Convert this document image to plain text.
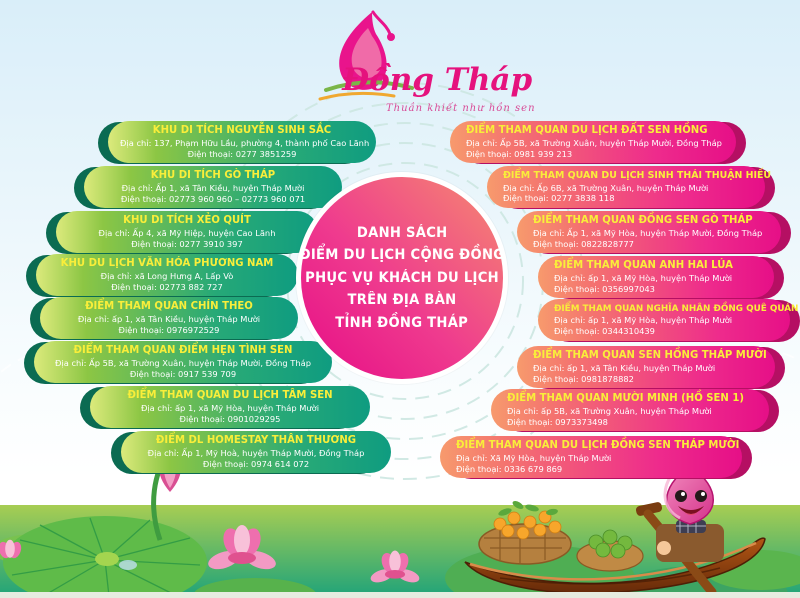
Đồng Tháp
Thuần khiết như hồn sen
DANH SÁCH
ĐIỂM DU LỊCH CỘNG ĐỒNG
PHỤC VỤ KHÁCH DU LỊCH
TRÊN ĐỊA BÀN
TỈNH ĐỒNG THÁP
KHU DI TÍCH NGUYỄN SINH SẮC
Địa chỉ: 137, Phạm Hữu Lầu, phường 4, thành phố Cao Lãnh
Điện thoại: 0277 3851259
KHU DI TÍCH GÒ THÁP
Địa chỉ: Ấp 1, xã Tân Kiều, huyện Tháp Mười
Điện thoại: 02773 960 960 – 02773 960 071
KHU DI TÍCH XẺO QUÍT
Địa chỉ: Ấp 4, xã Mỹ Hiệp, huyện Cao Lãnh
Điện thoại: 0277 3910 397
KHU DU LỊCH VĂN HÓA PHƯƠNG NAM
Địa chỉ: xã Long Hưng A, Lấp Vò
Điện thoại: 02773 882 727
ĐIỂM THAM QUAN CHÍN THEO
Địa chỉ: ấp 1, xã Tân Kiều, huyện Tháp Mười
Điện thoại: 0976972529
ĐIỂM THAM QUAN ĐIỂM HẸN TÌNH SEN
Địa chỉ: Ấp 5B, xã Trường Xuân, huyện Tháp Mười, Đồng Tháp
Điện thoại: 0917 539 709
ĐIỂM THAM QUAN DU LỊCH TÂM SEN
Địa chỉ: ấp 1, xã Mỹ Hòa, huyện Tháp Mười
Điện thoại: 0901029295
ĐIỂM DL HOMESTAY THÂN THƯƠNG
Địa chỉ: Ấp 1, Mỹ Hoà, huyện Tháp Mười, Đồng Tháp
Điện thoại: 0974 614 072
ĐIỂM THAM QUAN DU LỊCH ĐẤT SEN HỒNG
Địa chỉ: Ấp 5B, xã Trường Xuân, huyện Tháp Mười, Đồng Tháp
Điện thoại: 0981 939 213
ĐIỂM THAM QUAN DU LỊCH SINH THÁI THUẬN HIẾU
Địa chỉ: Ấp 6B, xã Trường Xuân, huyện Tháp Mười
Điện thoại: 0277 3838 118
ĐIỂM THAM QUAN ĐỒNG SEN GÒ THÁP
Địa chỉ: Ấp 1, xã Mỹ Hòa, huyện Tháp Mười, Đồng Tháp
Điện thoại: 0822828777
ĐIỂM THAM QUAN ANH HAI LÚA
Địa chỉ: ấp 1, xã Mỹ Hòa, huyện Tháp Mười
Điện thoại: 0356997043
ĐIỂM THAM QUAN NGHĨA NHÂN ĐỒNG QUÊ QUÁN
Địa chỉ: ấp 1, xã Mỹ Hòa, huyện Tháp Mười
Điện thoại: 0344310439
ĐIỂM THAM QUAN SEN HỒNG THÁP MƯỜI
Địa chỉ: ấp 1, xã Tân Kiều, huyện Tháp Mười
Điện thoại: 0981878882
ĐIỂM THAM QUAN MƯỜI MINH (HỒ SEN 1)
Địa chỉ: ấp 5B, xã Trường Xuân, huyện Tháp Mười
Điện thoại: 0973373498
ĐIỂM THAM QUAN DU LỊCH ĐỒNG SEN THÁP MƯỜI
Địa chỉ: Xã Mỹ Hòa, huyện Tháp Mười
Điện thoại: 0336 679 869
